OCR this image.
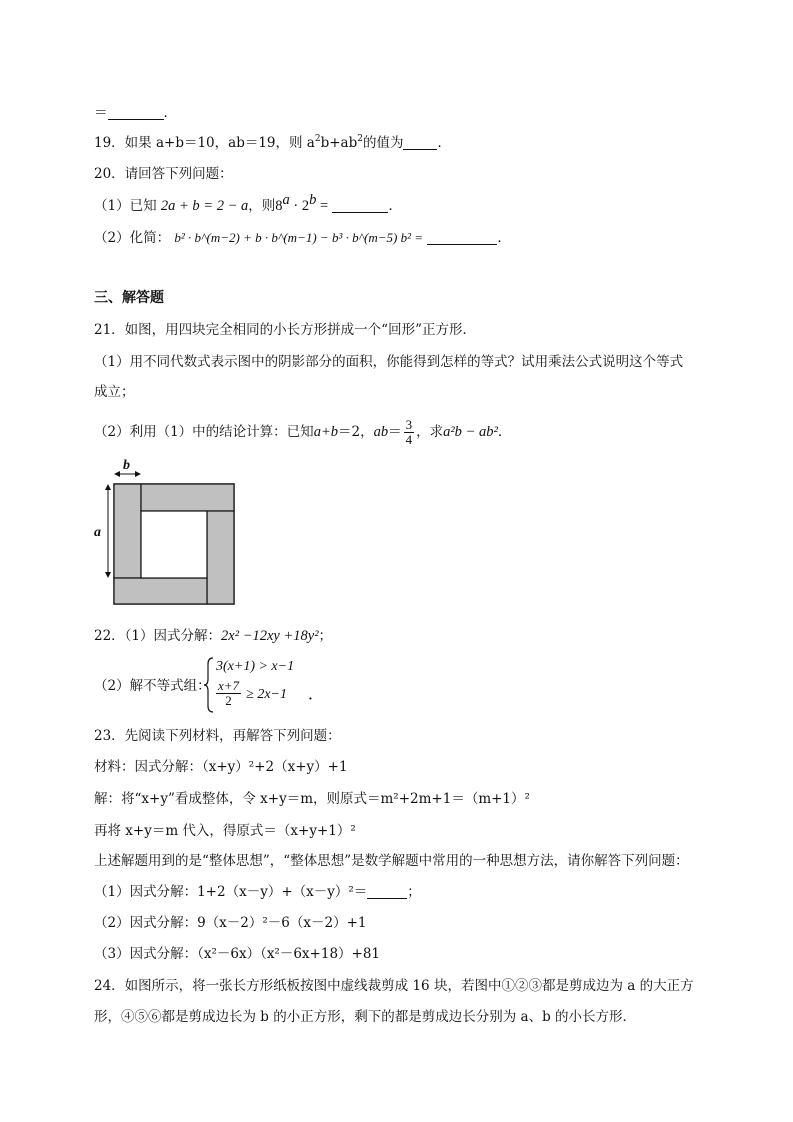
＝	．
19．如果 a+b＝10，ab＝19，则 $a^2b+ab^2$的值为	．
20．请回答下列问题：
（1）已知 2a + b = 2 − a，则$8^a \cdot 2^b$ =	．
（2）化简： b² · b^(m−2) + b · b^(m−1) − b³ · b^(m−5) b² =	．
三、解答题
21．如图，用四块完全相同的小长方形拼成一个“回形”正方形．
（1）用不同代数式表示图中的阴影部分的面积，你能得到怎样的等式？试用乘法公式说明这个等式
成立；
（2）利用（1）中的结论计算：已知a+b＝2，$ab= \frac{3}{4}$ ，求a²b − ab²．
b
a
22．（1）因式分解：2x² −12xy +18y²；
（2）解不等式组：
3(x+1) > x−1
$\frac{x+7}{2} \ge 2x-1$ ．
23．先阅读下列材料，再解答下列问题：
材料：因式分解：（x+y）²+2（x+y）+1
解：将“x+y”看成整体，令 x+y＝m，则原式＝m²+2m+1＝（m+1）²
再将 x+y＝m 代入，得原式＝（x+y+1）²
上述解题用到的是“整体思想”，“整体思想”是数学解题中常用的一种思想方法，请你解答下列问题：
（1）因式分解：1+2（x－y）+（x－y）²＝	；
（2）因式分解：9（x－2）²－6（x－2）+1
（3）因式分解：（x²－6x）（x²－6x+18）+81
24．如图所示，将一张长方形纸板按图中虚线裁剪成 16 块，若图中①②③都是剪成边为 a 的大正方
形，④⑤⑥都是剪成边长为 b 的小正方形，剩下的都是剪成边长分别为 a、b 的小长方形．
